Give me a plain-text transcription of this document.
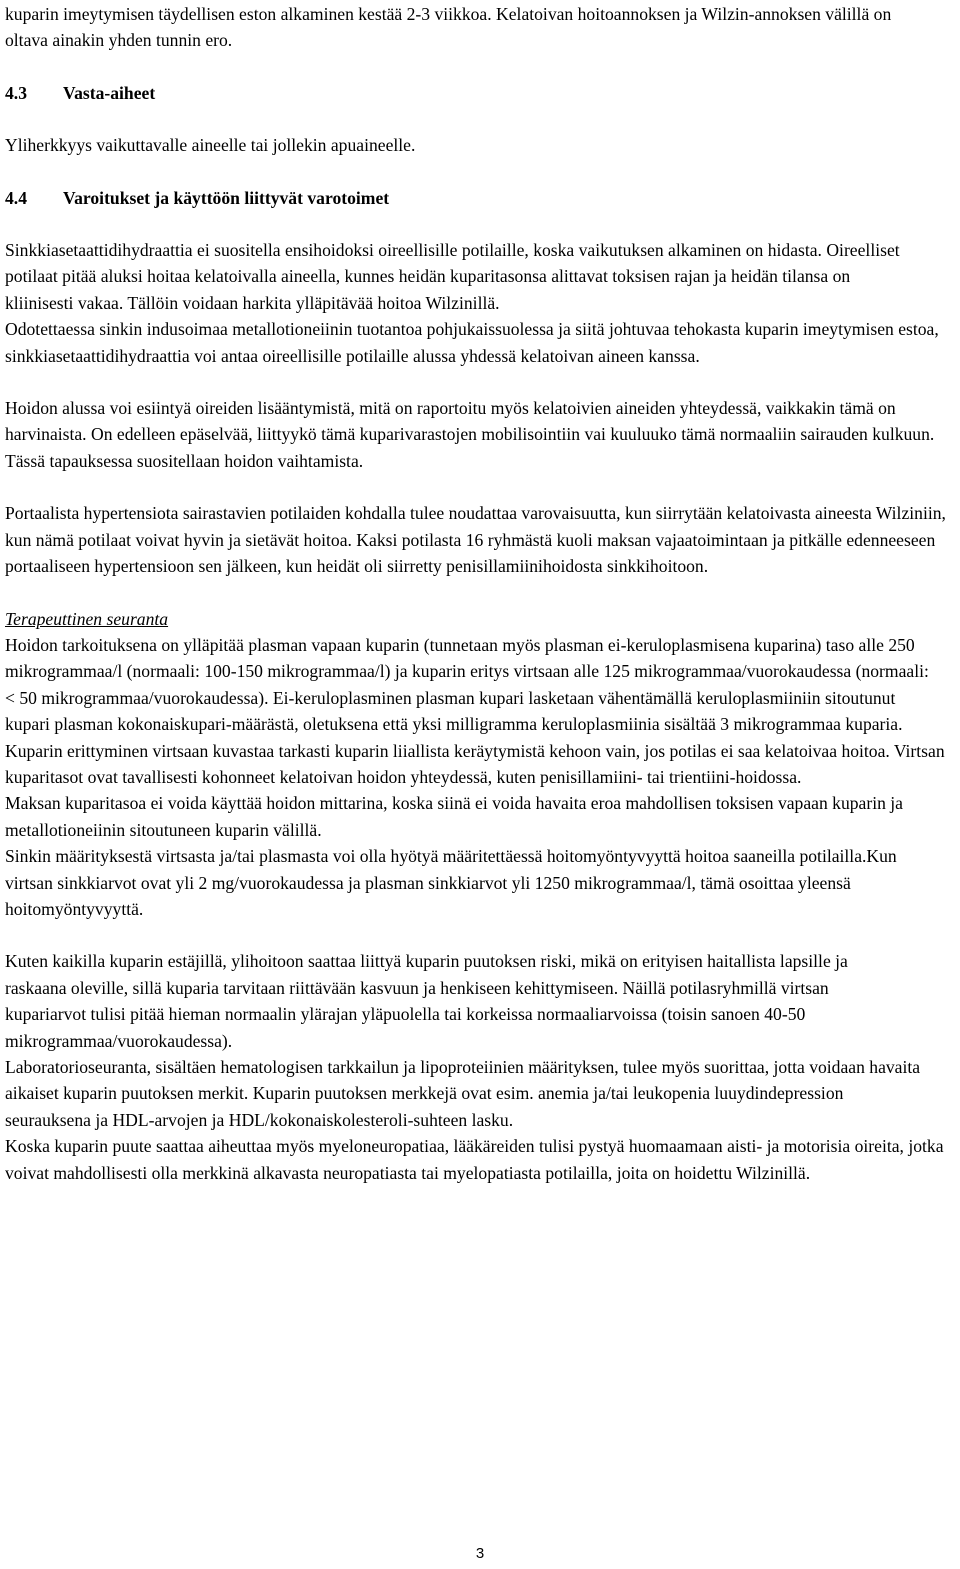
kuparin imeytymisen täydellisen eston alkaminen kestää 2-3 viikkoa. Kelatoivan hoitoannoksen ja Wilzin-annoksen välillä on oltava ainakin yhden tunnin ero.

4.3 Vasta-aiheet

Yliherkkyys vaikuttavalle aineelle tai jollekin apuaineelle.

4.4 Varoitukset ja käyttöön liittyvät varotoimet

Sinkkiasetaattidihydraattia ei suositella ensihoidoksi oireellisille potilaille, koska vaikutuksen alkaminen on hidasta. Oireelliset potilaat pitää aluksi hoitaa kelatoivalla aineella, kunnes heidän kuparitasonsa alittavat toksisen rajan ja heidän tilansa on kliinisesti vakaa. Tällöin voidaan harkita ylläpitävää hoitoa Wilzinillä.

Odotettaessa sinkin indusoimaa metallotioneiinin tuotantoa pohjukaissuolessa ja siitä johtuvaa tehokasta kuparin imeytymisen estoa, sinkkiasetaattidihydraattia voi antaa oireellisille potilaille alussa yhdessä kelatoivan aineen kanssa.

Hoidon alussa voi esiintyä oireiden lisääntymistä, mitä on raportoitu myös kelatoivien aineiden yhteydessä, vaikkakin tämä on harvinaista. On edelleen epäselvää, liittyykö tämä kuparivarastojen mobilisointiin vai kuuluuko tämä normaaliin sairauden kulkuun. Tässä tapauksessa suositellaan hoidon vaihtamista.

Portaalista hypertensiota sairastavien potilaiden kohdalla tulee noudattaa varovaisuutta, kun siirrytään kelatoivasta aineesta Wilziniin, kun nämä potilaat voivat hyvin ja sietävät hoitoa. Kaksi potilasta 16 ryhmästä kuoli maksan vajaatoimintaan ja pitkälle edenneeseen portaaliseen hypertensioon sen jälkeen, kun heidät oli siirretty penisillamiinihoidosta sinkkihoitoon.

Terapeuttinen seuranta

Hoidon tarkoituksena on ylläpitää plasman vapaan kuparin (tunnetaan myös plasman ei-keruloplasmisena kuparina) taso alle 250 mikrogrammaa/l (normaali: 100-150 mikrogrammaa/l) ja kuparin eritys virtsaan alle 125 mikrogrammaa/vuorokaudessa (normaali: < 50 mikrogrammaa/vuorokaudessa). Ei-keruloplasminen plasman kupari lasketaan vähentämällä keruloplasmiiniin sitoutunut kupari plasman kokonaiskupari-määrästä, oletuksena että yksi milligramma keruloplasmiinia sisältää 3 mikrogrammaa kuparia.

Kuparin erittyminen virtsaan kuvastaa tarkasti kuparin liiallista keräytymistä kehoon vain, jos potilas ei saa kelatoivaa hoitoa. Virtsan kuparitasot ovat tavallisesti kohonneet kelatoivan hoidon yhteydessä, kuten penisillamiini- tai trientiini-hoidossa.

Maksan kuparitasoa ei voida käyttää hoidon mittarina, koska siinä ei voida havaita eroa mahdollisen toksisen vapaan kuparin ja metallotioneiinin sitoutuneen kuparin välillä.

Sinkin määrityksestä virtsasta ja/tai plasmasta voi olla hyötyä määritettäessä hoitomyöntyvyyttä hoitoa saaneilla potilailla.Kun virtsan sinkkiarvot ovat yli 2 mg/vuorokaudessa ja plasman sinkkiarvot yli 1250 mikrogrammaa/l, tämä osoittaa yleensä hoitomyöntyvyyttä.

Kuten kaikilla kuparin estäjillä, ylihoitoon saattaa liittyä kuparin puutoksen riski, mikä on erityisen haitallista lapsille ja raskaana oleville, sillä kuparia tarvitaan riittävään kasvuun ja henkiseen kehittymiseen. Näillä potilasryhmillä virtsan kupariarvot tulisi pitää hieman normaalin ylärajan yläpuolella tai korkeissa normaaliarvoissa (toisin sanoen 40-50 mikrogrammaa/vuorokaudessa).

Laboratorioseuranta, sisältäen hematologisen tarkkailun ja lipoproteiinien määrityksen, tulee myös suorittaa, jotta voidaan havaita aikaiset kuparin puutoksen merkit. Kuparin puutoksen merkkejä ovat esim. anemia ja/tai leukopenia luuydindepression seurauksena ja HDL-arvojen ja HDL/kokonaiskolesteroli-suhteen lasku.

Koska kuparin puute saattaa aiheuttaa myös myeloneuropatiaa, lääkäreiden tulisi pystyä huomaamaan aisti- ja motorisia oireita, jotka voivat mahdollisesti olla merkkinä alkavasta neuropatiasta tai myelopatiasta potilailla, joita on hoidettu Wilzinillä.

3
